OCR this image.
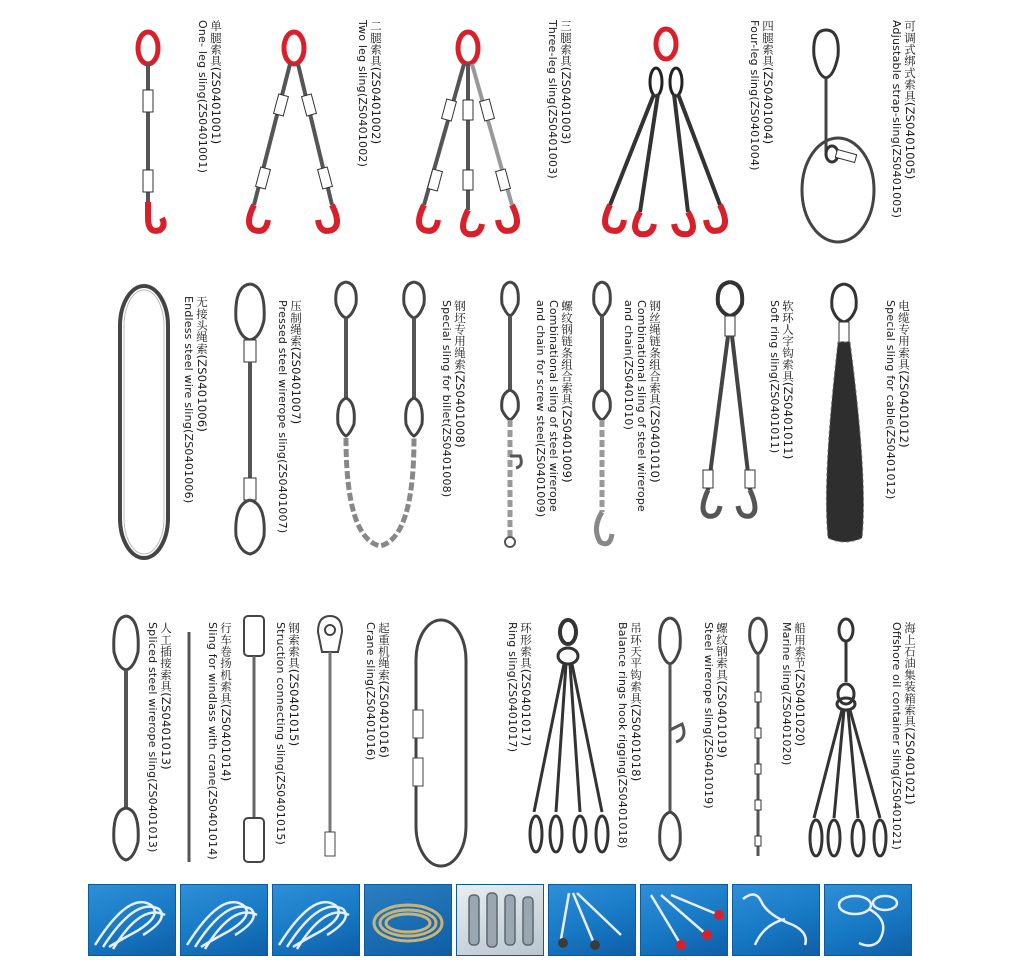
单腿索具(ZS0401001)
One- leg sling(ZS0401001)	二腿索具(ZS0401002)
Two leg sling(ZS0401002)	三腿索具(ZS0401003)
Three-leg sling(ZS0401003)	四腿索具(ZS0401004)
Four-leg sling(ZS0401004)	可调式绑式索具(ZS0401005)
Adjustable strap-sling(ZS0401005)
无接头绳索(ZS0401006)
Endless steel wire sling(ZS0401006)	压制绳索(ZS0401007)
Pressed steel wirerope sling(ZS0401007)	钢坯专用绳索(ZS0401008)
Special sling for billet(ZS0401008)	螺纹钢链条组合索具(ZS0401009)
Combinational sling of steel wirerope
and chain for screw steel(ZS0401009)	钢丝绳链条组合索具(ZS0401010)
Combinational sling of steel wirerope
and chain(ZS0401010)	软环人字钩索具(ZS0401011)
Soft ring sling(ZS0401011)	电缆专用索具(ZS0401012)
Special sling for cable(ZS0401012)
人工插接索具(ZS0401013)
Spliced steel wirerope sling(ZS0401013)	行车卷扬机索具(ZS0401014)
Sling for windlass with crane(ZS0401014)	钢索索具(ZS0401015)
Struction connecting sling(ZS0401015)	起重机绳索(ZS0401016)
Crane sling(ZS0401016)	环形索具(ZS0401017)
Ring sling(ZS0401017)	吊环天平钩索具(ZS0401018)
Balance rings hook rigging(ZS0401018)	螺纹钢索具(ZS0401019)
Steel wirerope sling(ZS0401019)	船用索节(ZS0401020)
Marine sling(ZS0401020)	海上石油集装箱索具(ZS0401021)
Offshore oil container sling(ZS0401021)
